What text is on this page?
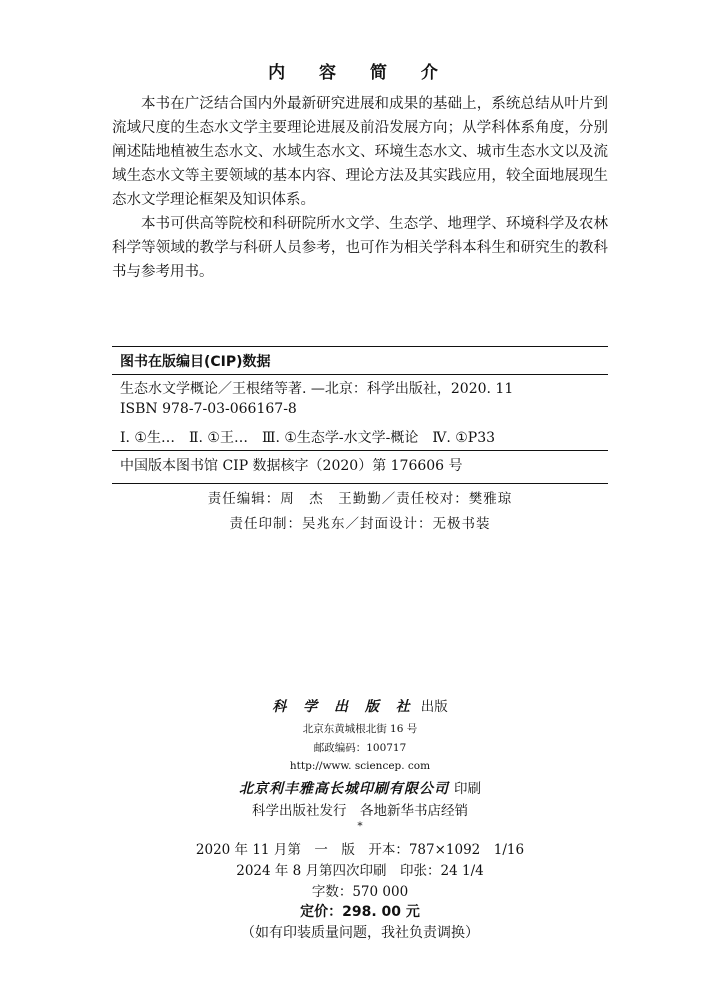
内 容 简 介

本书在广泛结合国内外最新研究进展和成果的基础上，系统总结从叶片到流域尺度的生态水文学主要理论进展及前沿发展方向；从学科体系角度，分别阐述陆地植被生态水文、水域生态水文、环境生态水文、城市生态水文以及流域生态水文等主要领域的基本内容、理论方法及其实践应用，较全面地展现生态水文学理论框架及知识体系。

本书可供高等院校和科研院所水文学、生态学、地理学、环境科学及农林科学等领域的教学与科研人员参考，也可作为相关学科本科生和研究生的教科书与参考用书。

图书在版编目(CIP)数据
生态水文学概论／王根绪等著. —北京：科学出版社，2020. 11
ISBN 978-7-03-066167-8
Ⅰ. ①生…　Ⅱ. ①王…　Ⅲ. ①生态学-水文学-概论　Ⅳ. ①P33
中国版本图书馆 CIP 数据核字（2020）第 176606 号
责任编辑：周　杰　王勤勤／责任校对：樊雅琼
责任印制：吴兆东／封面设计：无极书装
科 学 出 版 社 出版
北京东黄城根北街 16 号
邮政编码：100717
http://www. sciencep. com
北京利丰雅高长城印刷有限公司 印刷
科学出版社发行　各地新华书店经销
*
2020 年 11 月第　一　版　开本：787×1092　1/16
2024 年 8 月第四次印刷　印张：24 1/4
字数：570 000
定价：298. 00 元
（如有印装质量问题，我社负责调换）
